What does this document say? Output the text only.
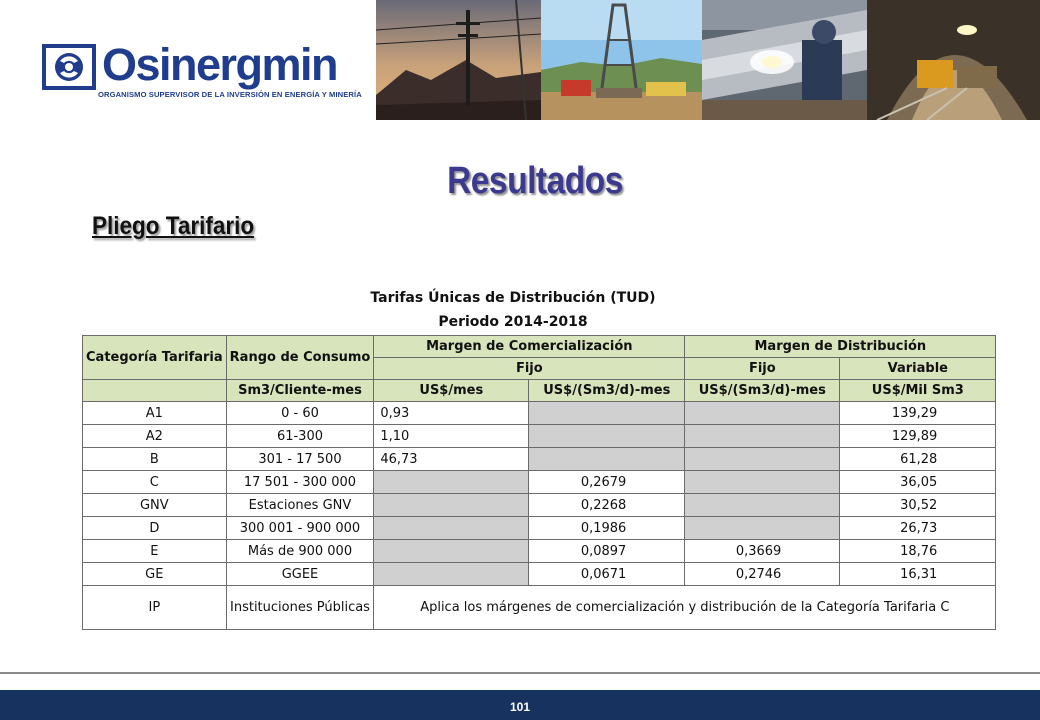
Osinergmin
ORGANISMO SUPERVISOR DE LA INVERSIÓN EN ENERGÍA Y MINERÍA
Resultados
Pliego Tarifario
Tarifas Únicas de Distribución (TUD)
Periodo 2014-2018
Categoría Tarifaria	Rango de Consumo	Margen de Comercialización		Margen de Distribución	
		Fijo		Fijo	Variable
	Sm3/Cliente-mes	US$/mes	US$/(Sm3/d)-mes	US$/(Sm3/d)-mes	US$/Mil Sm3
A1	0 - 60	0,93			139,29
A2	61-300	1,10			129,89
B	301 - 17 500	46,73			61,28
C	17 501 - 300 000		0,2679		36,05
GNV	Estaciones GNV		0,2268		30,52
D	300 001 - 900 000		0,1986		26,73
E	Más de 900 000		0,0897	0,3669	18,76
GE	GGEE		0,0671	0,2746	16,31
IP	Instituciones Públicas	Aplica los márgenes de comercialización y distribución de la Categoría Tarifaria C			
101
